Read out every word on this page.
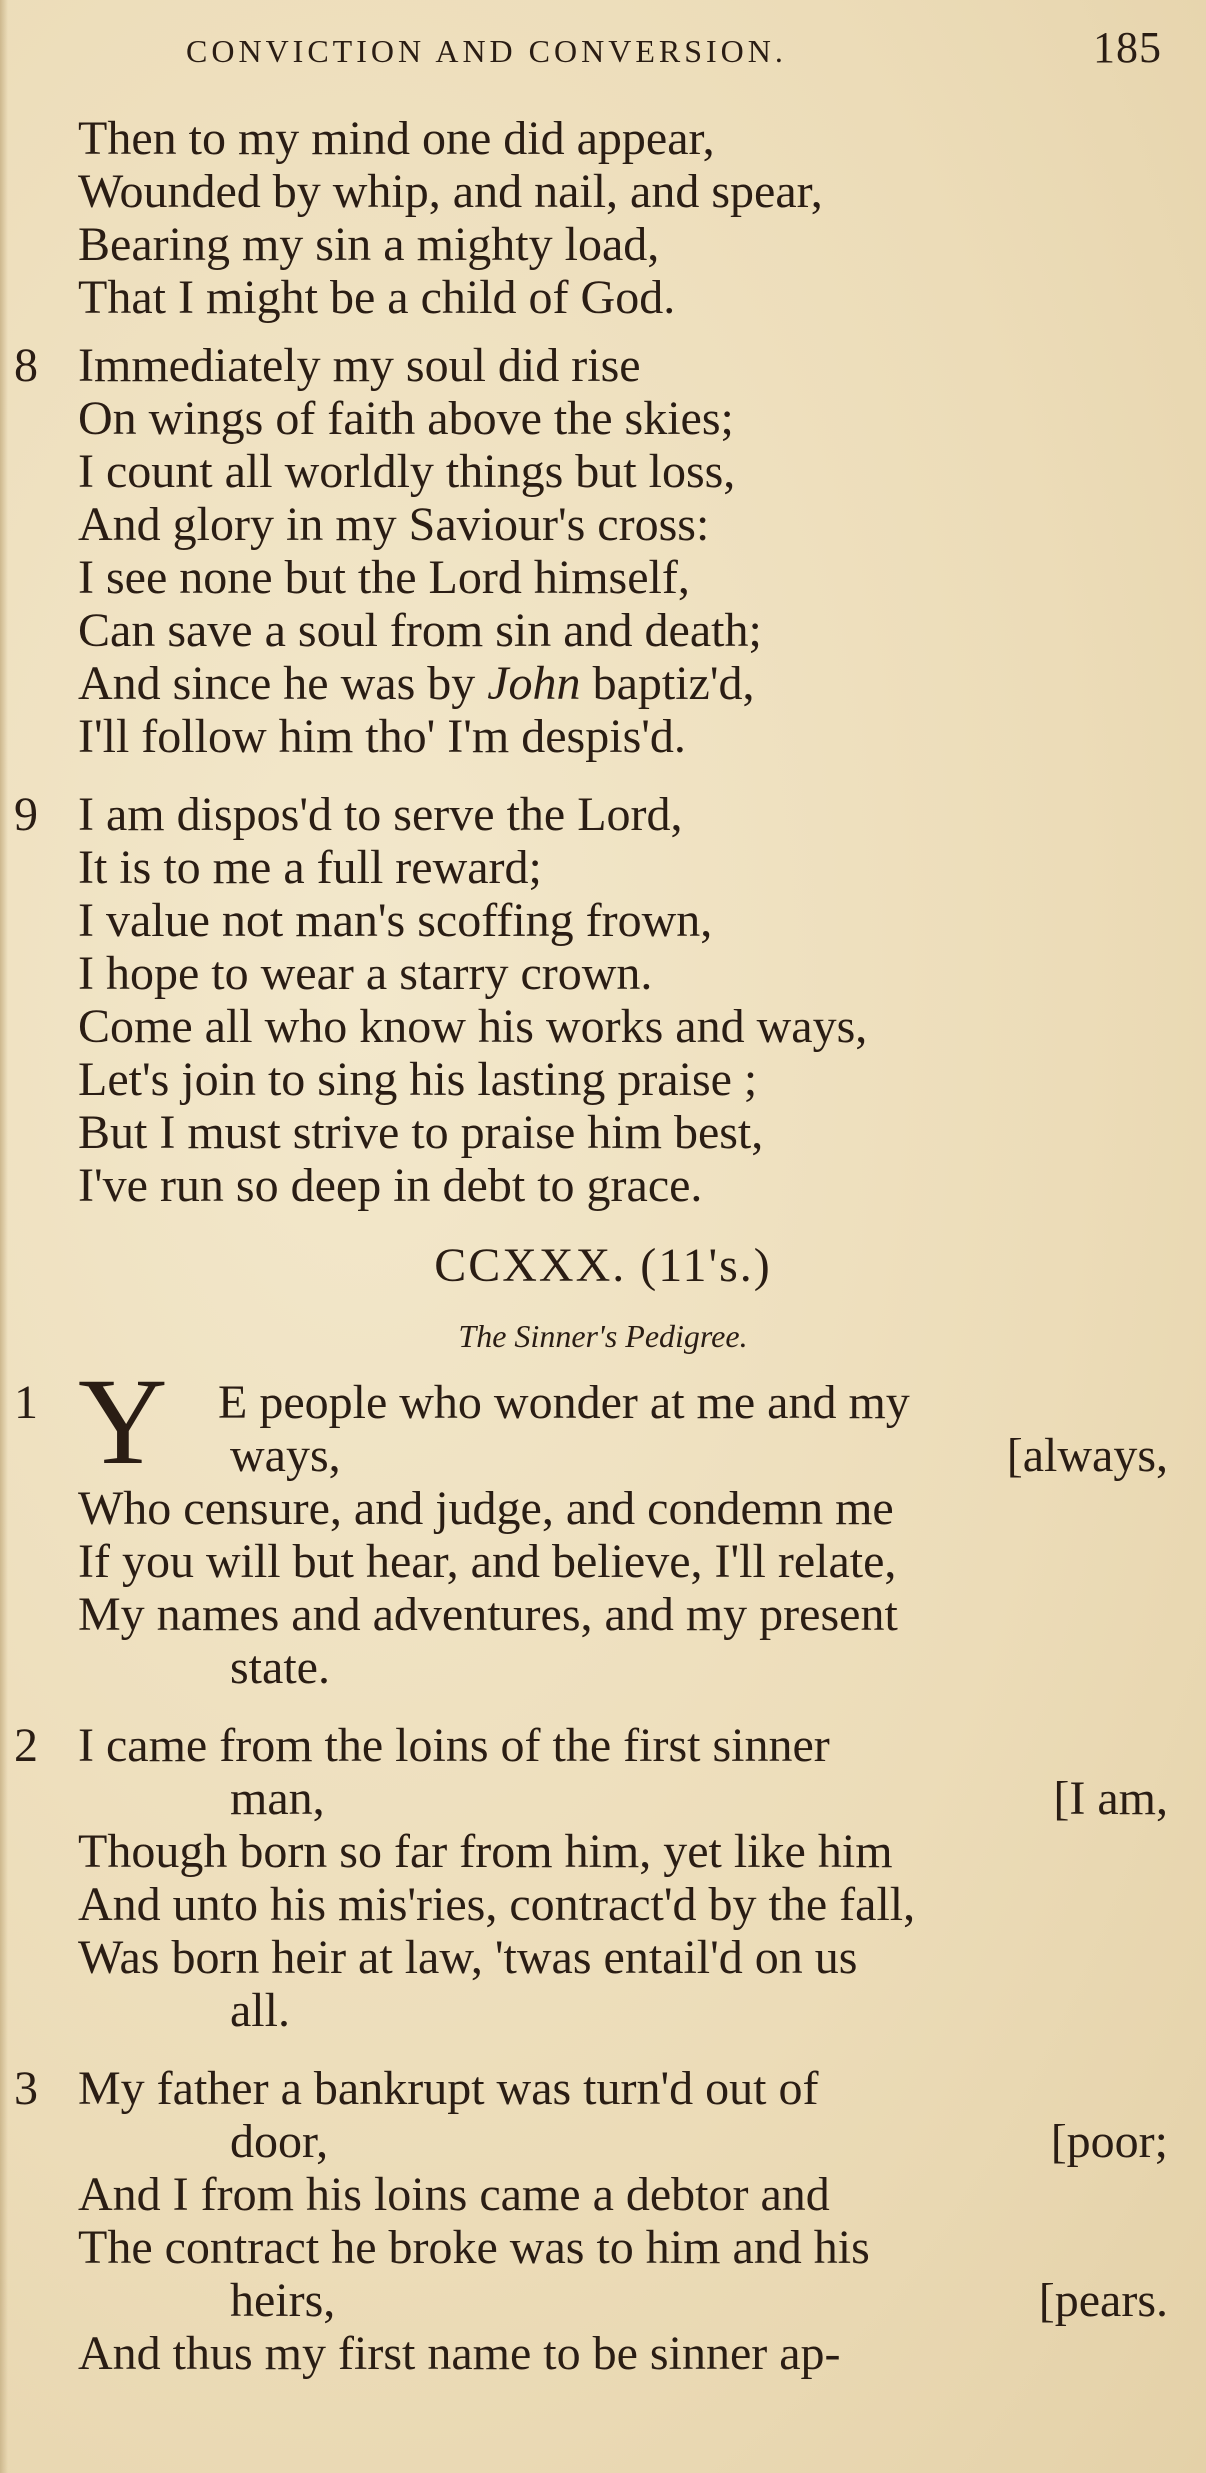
CONVICTION AND CONVERSION.	185
Then to my mind one did appear,
Wounded by whip, and nail, and spear,
Bearing my sin a mighty load,
That I might be a child of God.
8 Immediately my soul did rise
On wings of faith above the skies;
I count all worldly things but loss,
And glory in my Saviour's cross:
I see none but the Lord himself,
Can save a soul from sin and death;
And since he was by John baptiz'd,
I'll follow him tho' I'm despis'd.
9 I am dispos'd to serve the Lord,
It is to me a full reward;
I value not man's scoffing frown,
I hope to wear a starry crown.
Come all who know his works and ways,
Let's join to sing his lasting praise ;
But I must strive to praise him best,
I've run so deep in debt to grace.
CCXXX. (11's.)
The Sinner's Pedigree.
1 Y E people who wonder at me and my
ways,	[always,
Who censure, and judge, and condemn me
If you will but hear, and believe, I'll relate,
My names and adventures, and my present
state.
2 I came from the loins of the first sinner
man,	[I am,
Though born so far from him, yet like him
And unto his mis'ries, contract'd by the fall,
Was born heir at law, 'twas entail'd on us
all.
3 My father a bankrupt was turn'd out of
door,	[poor;
And I from his loins came a debtor and
The contract he broke was to him and his
heirs,	[pears.
And thus my first name to be sinner ap-
